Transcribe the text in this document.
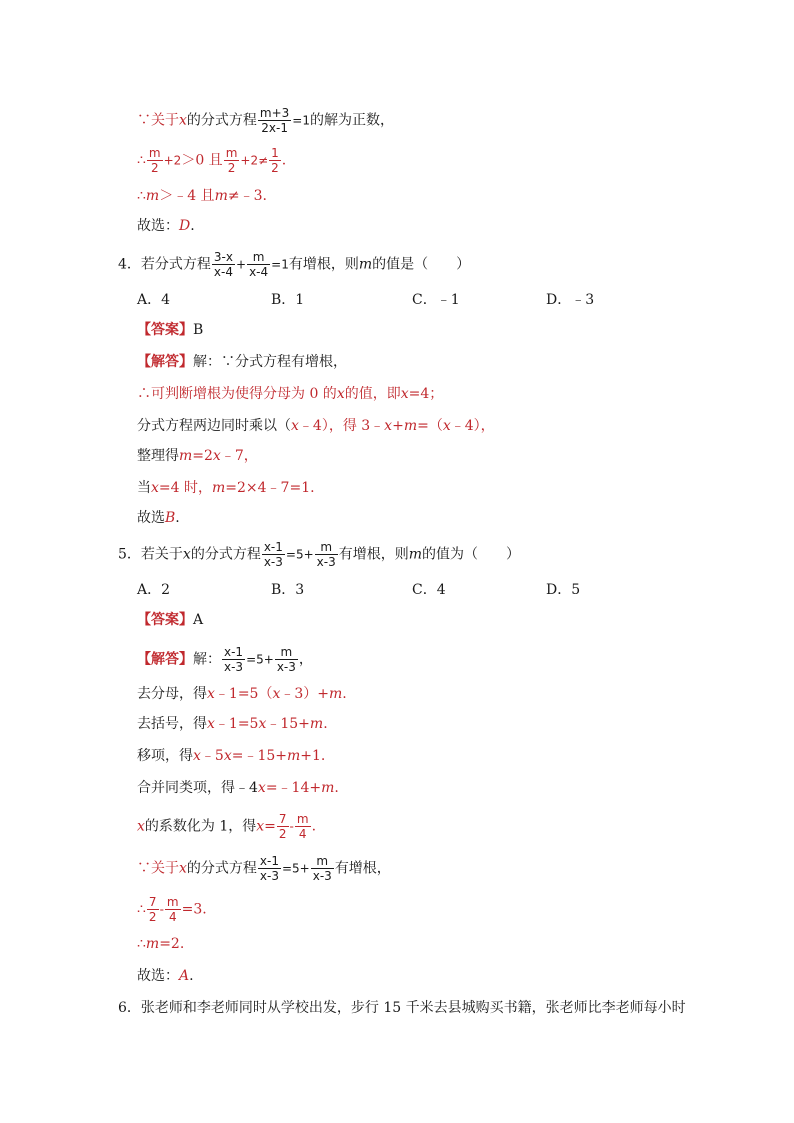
∵关于x的分式方程 $\frac{m+3}{2x-1} =1$的解为正数，
∴ $\frac{m}{2} +2>0$ 且 $\frac{m}{2} +2\ne \frac{1}{2}$ .
∴m＞﹣4 且m≠﹣3.
故选：D.
4．若分式方程 $\frac{3-x}{x-4} + \frac{m}{x-4} =1$有增根，则m的值是（　　）
A．4	B．1	C．﹣1	D．﹣3
【答案】B
【解答】解：∵分式方程有增根，
∴可判断增根为使得分母为 0 的x的值，即x=4；
分式方程两边同时乘以（x﹣4），得 3﹣x+m=（x﹣4），
整理得m=2x﹣7，
当x=4 时，m=2×4﹣7=1.
故选B.
5．若关于x的分式方程 $\frac{x-1}{x-3} =5+ \frac{m}{x-3}$ 有增根，则m的值为（　　）
A．2	B．3	C．4	D．5
【答案】A
【解答】解： $\frac{x-1}{x-3} =5+ \frac{m}{x-3}$ ，
去分母，得x﹣1=5（x﹣3）+m.
去括号，得x﹣1=5x﹣15+m.
移项，得x﹣5x=﹣15+m+1.
合并同类项，得﹣4x=﹣14+m.
x的系数化为 1，得$x= \frac{7}{2} - \frac{m}{4}$ .
∵关于x的分式方程 $\frac{x-1}{x-3} =5+ \frac{m}{x-3}$ 有增根，
∴ $\frac{7}{2} - \frac{m}{4} =3$.
∴m=2.
故选：A.
6．张老师和李老师同时从学校出发，步行 15 千米去县城购买书籍，张老师比李老师每小时
